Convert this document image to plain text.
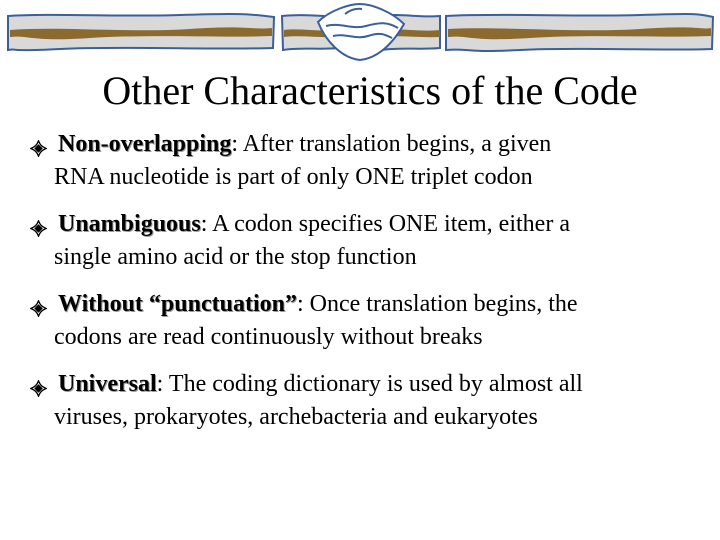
Other Characteristics of the Code
Non-overlapping: After translation begins, a given
RNA nucleotide is part of only ONE triplet codon
Unambiguous: A codon specifies ONE item, either a
single amino acid or the stop function
Without “punctuation”: Once translation begins, the
codons are read continuously without breaks
Universal: The coding dictionary is used by almost all
viruses, prokaryotes, archebacteria and eukaryotes
